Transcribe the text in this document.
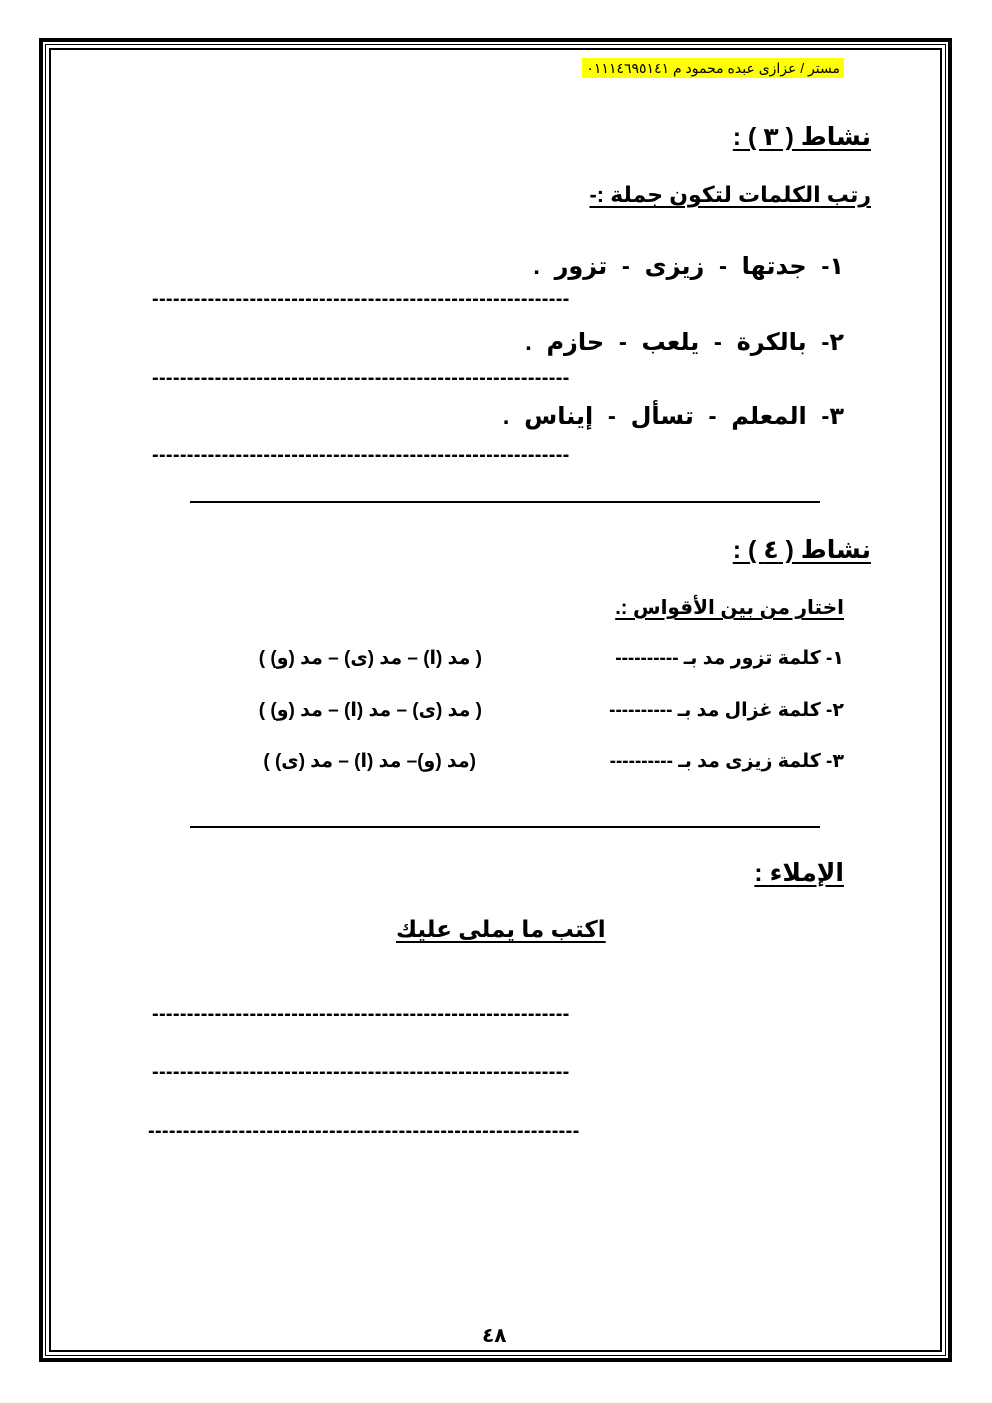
مستر / عزازى عبده محمود م ٠١١١٤٦٩٥١٤١
نشاط ( ٣ ) :
رتب الكلمات لتكون جملة :-
١- جدتها - زيزى - تزور .
------------------------------------------------------------
٢- بالكرة - يلعب - حازم .
------------------------------------------------------------
٣- المعلم - تسأل - إيناس .
------------------------------------------------------------
نشاط ( ٤ ) :
اختار من بين الأقواس :.
١- كلمة تزور مد بـ ----------
( مد (ا) – مد (ى) – مد (و) )
٢- كلمة غزال مد بـ ----------
( مد (ى) – مد (ا) – مد (و) )
٣- كلمة زيزى مد بـ ----------
(مد (و)– مد (ا) – مد (ى) )
الإملاء :
اكتب ما يملى عليك
------------------------------------------------------------
------------------------------------------------------------
--------------------------------------------------------------
٤٨
